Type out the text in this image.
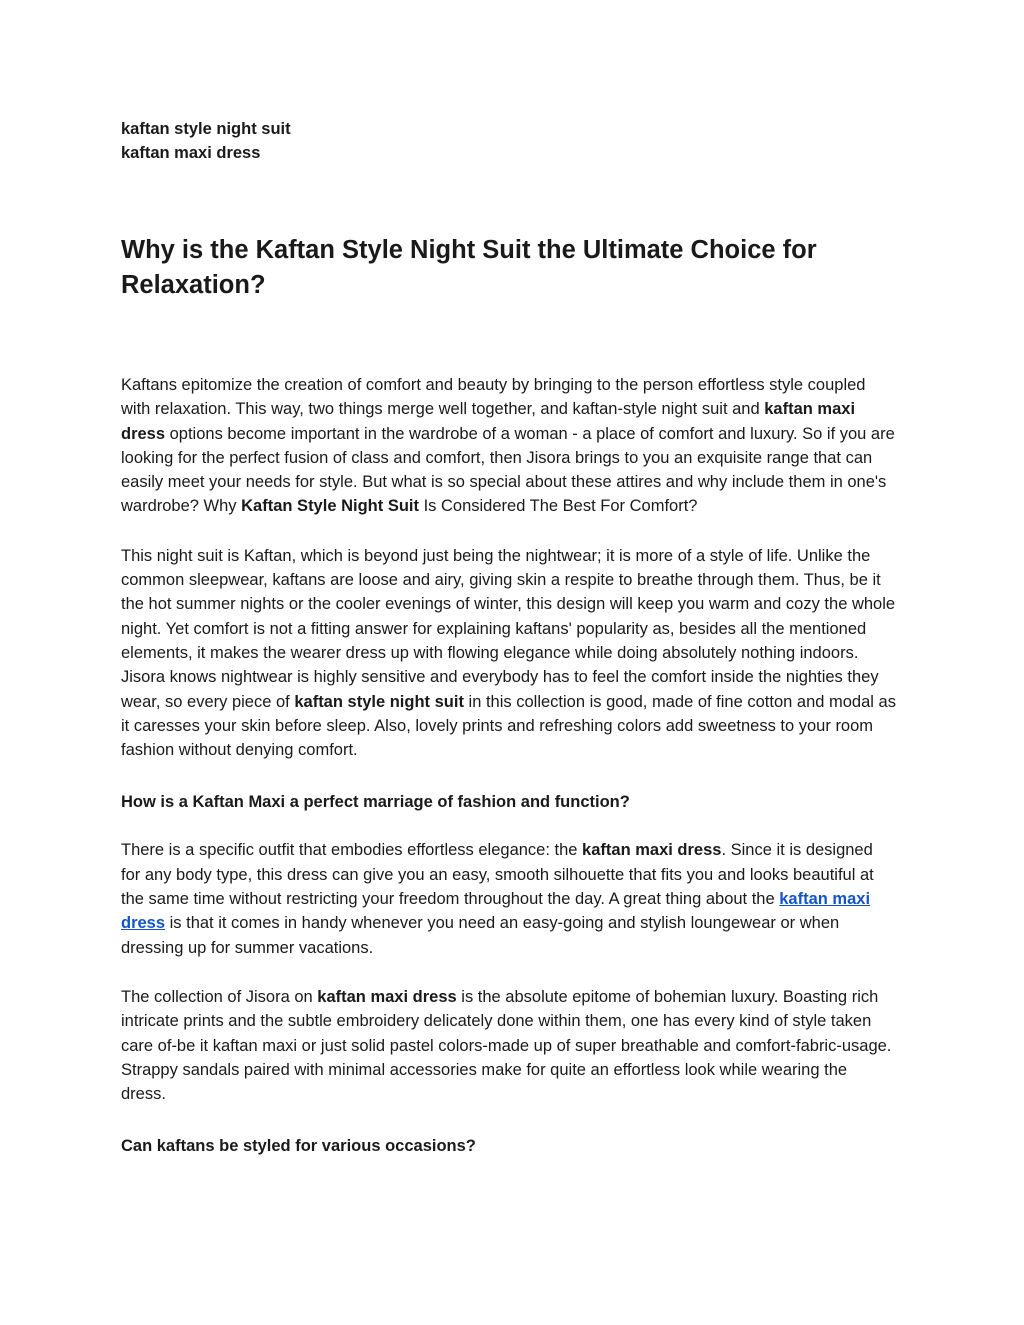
kaftan style night suit
kaftan maxi dress
Why is the Kaftan Style Night Suit the Ultimate Choice for Relaxation?

Kaftans epitomize the creation of comfort and beauty by bringing to the person effortless style coupled with relaxation. This way, two things merge well together, and kaftan-style night suit and kaftan maxi dress options become important in the wardrobe of a woman - a place of comfort and luxury. So if you are looking for the perfect fusion of class and comfort, then Jisora brings to you an exquisite range that can easily meet your needs for style. But what is so special about these attires and why include them in one's wardrobe? Why Kaftan Style Night Suit Is Considered The Best For Comfort?

This night suit is Kaftan, which is beyond just being the nightwear; it is more of a style of life. Unlike the common sleepwear, kaftans are loose and airy, giving skin a respite to breathe through them. Thus, be it the hot summer nights or the cooler evenings of winter, this design will keep you warm and cozy the whole night. Yet comfort is not a fitting answer for explaining kaftans' popularity as, besides all the mentioned elements, it makes the wearer dress up with flowing elegance while doing absolutely nothing indoors. Jisora knows nightwear is highly sensitive and everybody has to feel the comfort inside the nighties they wear, so every piece of kaftan style night suit in this collection is good, made of fine cotton and modal as it caresses your skin before sleep. Also, lovely prints and refreshing colors add sweetness to your room fashion without denying comfort.

How is a Kaftan Maxi a perfect marriage of fashion and function?

There is a specific outfit that embodies effortless elegance: the kaftan maxi dress. Since it is designed for any body type, this dress can give you an easy, smooth silhouette that fits you and looks beautiful at the same time without restricting your freedom throughout the day. A great thing about the kaftan maxi dress is that it comes in handy whenever you need an easy-going and stylish loungewear or when dressing up for summer vacations.

The collection of Jisora on kaftan maxi dress is the absolute epitome of bohemian luxury. Boasting rich intricate prints and the subtle embroidery delicately done within them, one has every kind of style taken care of-be it kaftan maxi or just solid pastel colors-made up of super breathable and comfort-fabric-usage. Strappy sandals paired with minimal accessories make for quite an effortless look while wearing the dress.

Can kaftans be styled for various occasions?
